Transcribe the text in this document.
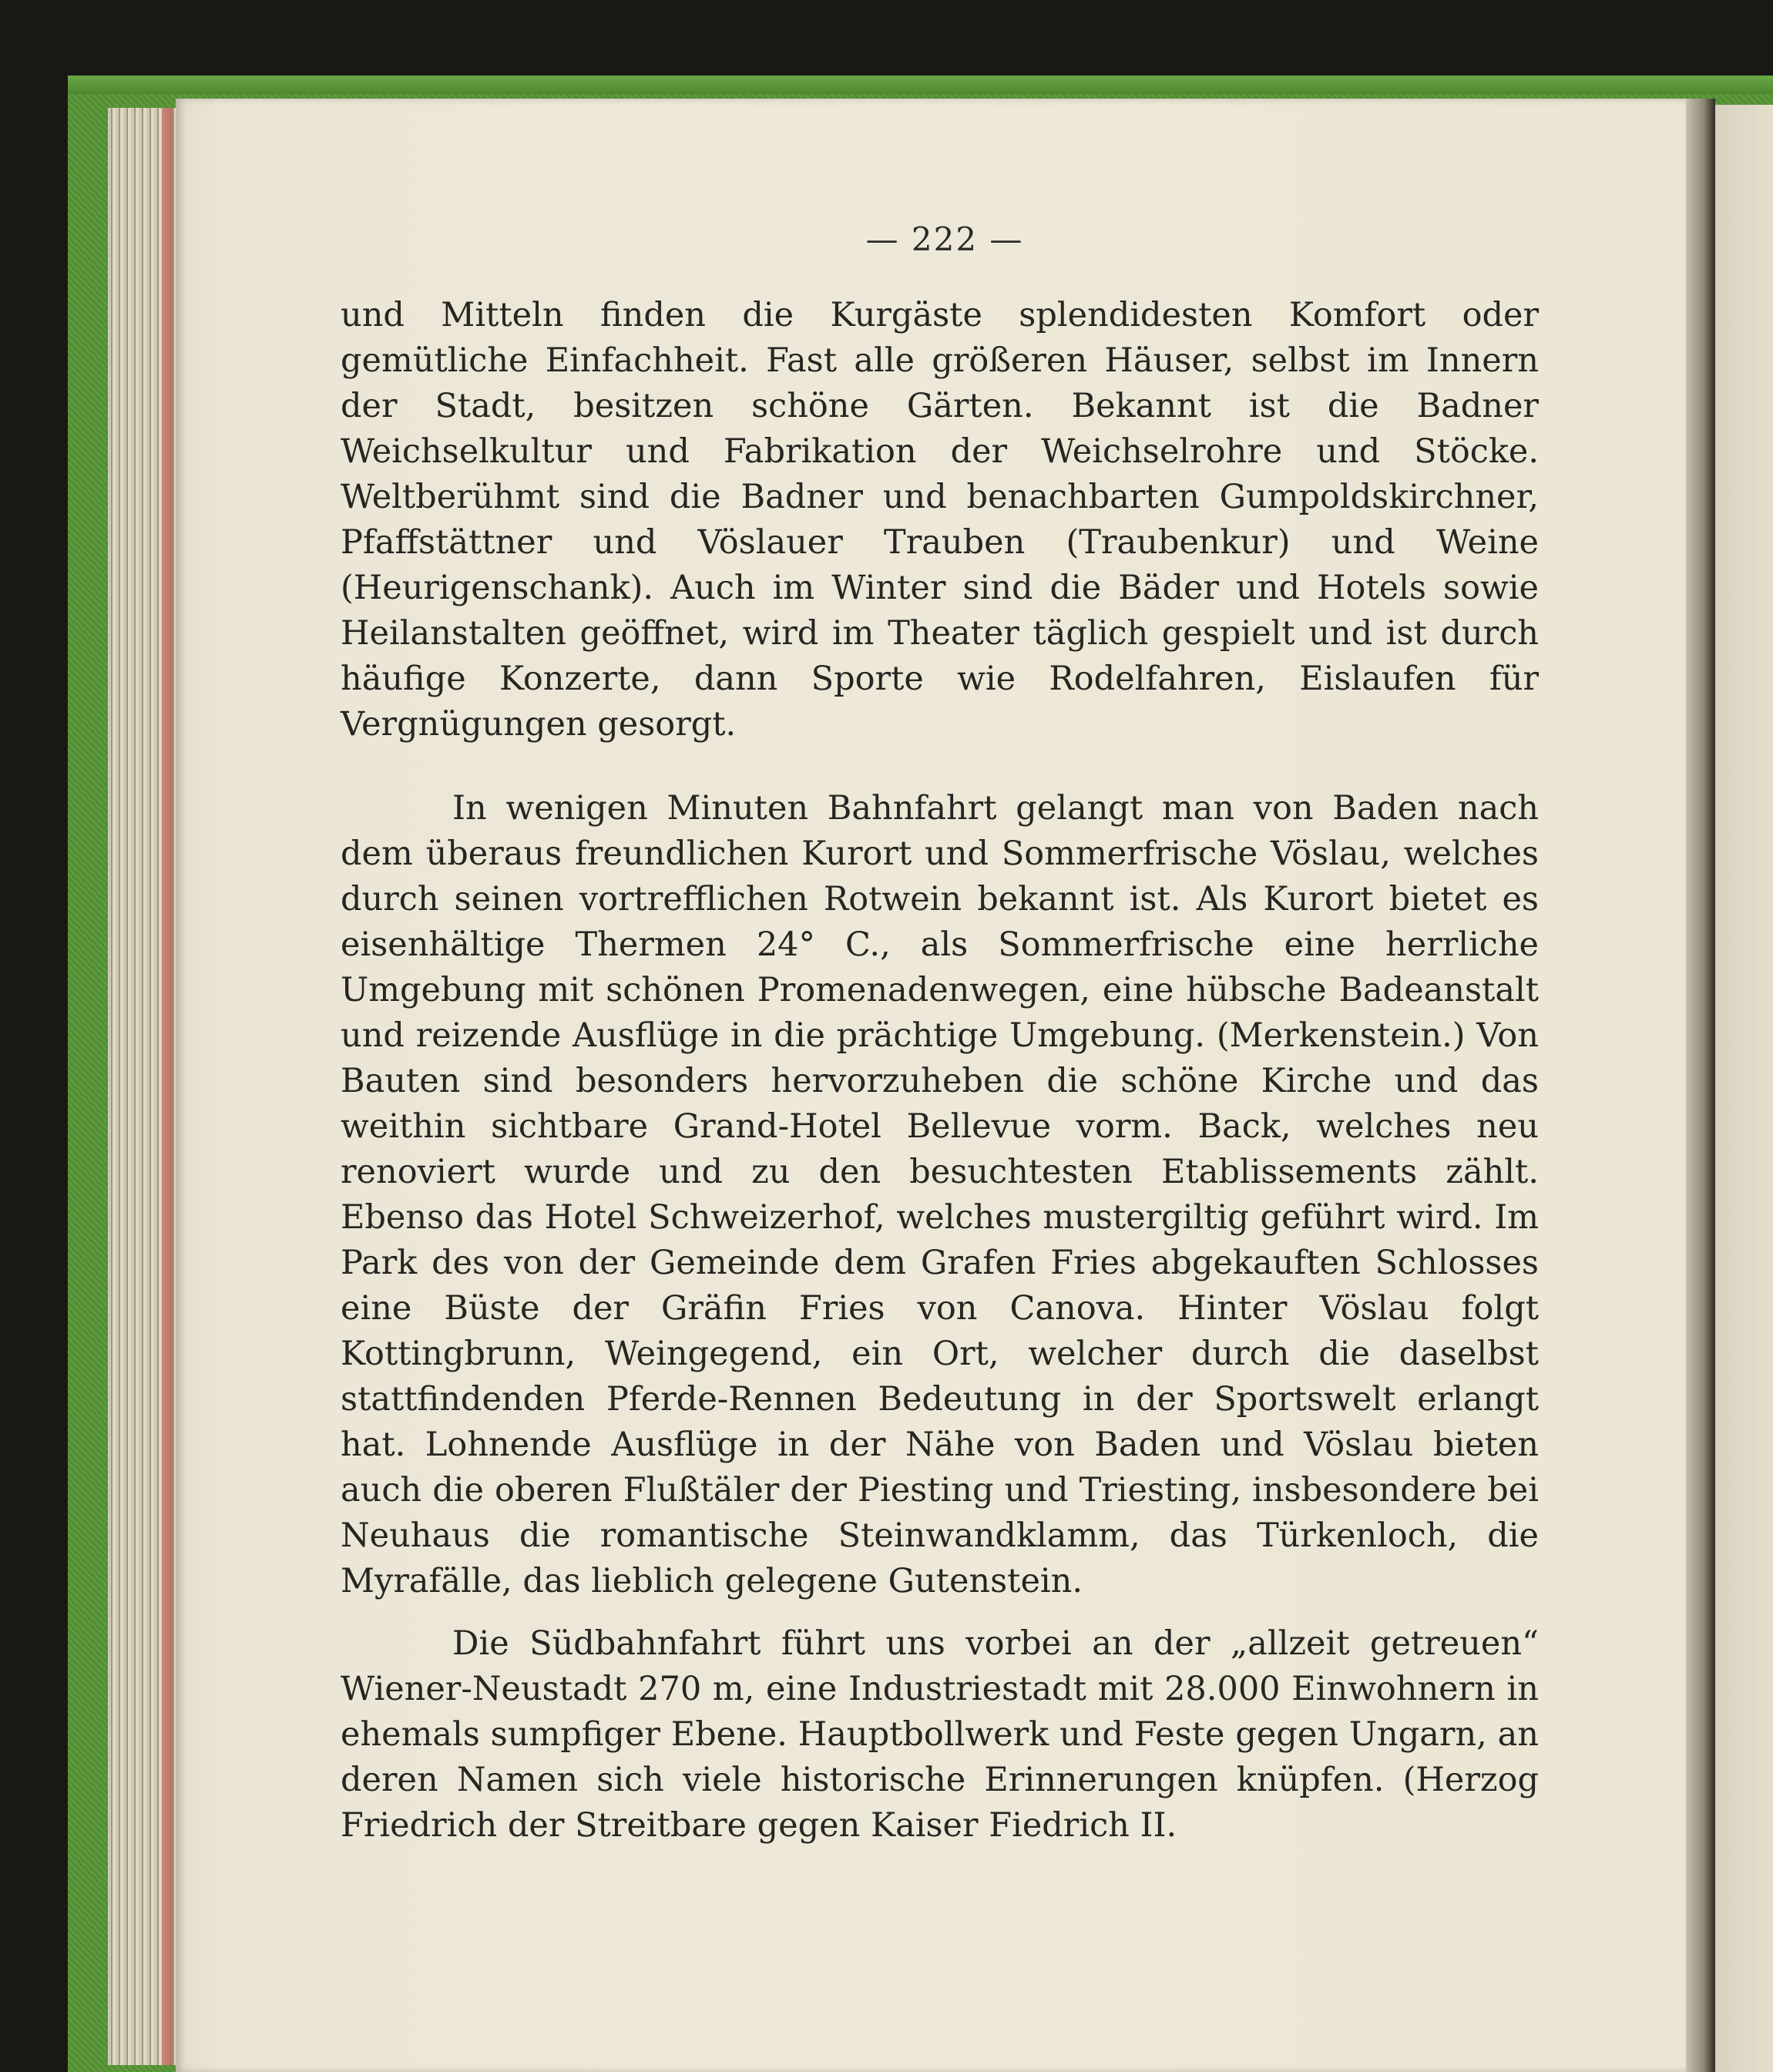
— 222 —

und Mitteln finden die Kurgäste splendidesten Komfort oder gemütliche Einfachheit. Fast alle größeren Häuser, selbst im Innern der Stadt, besitzen schöne Gärten. Bekannt ist die Badner Weichselkultur und Fabrikation der Weichselrohre und Stöcke. Weltberühmt sind die Badner und benachbarten Gumpoldskirchner, Pfaffstättner und Vöslauer Trauben (Traubenkur) und Weine (Heurigenschank). Auch im Winter sind die Bäder und Hotels sowie Heilanstalten geöffnet, wird im Theater täglich gespielt und ist durch häufige Konzerte, dann Sporte wie Rodelfahren, Eislaufen für Vergnügungen gesorgt.

In wenigen Minuten Bahnfahrt gelangt man von Baden nach dem überaus freundlichen Kurort und Sommerfrische Vöslau, welches durch seinen vortrefflichen Rotwein bekannt ist. Als Kurort bietet es eisenhältige Thermen 24° C., als Sommerfrische eine herrliche Umgebung mit schönen Promenadenwegen, eine hübsche Badeanstalt und reizende Ausflüge in die prächtige Umgebung. (Merkenstein.) Von Bauten sind besonders hervorzuheben die schöne Kirche und das weithin sichtbare Grand-Hotel Bellevue vorm. Back, welches neu renoviert wurde und zu den besuchtesten Etablissements zählt. Ebenso das Hotel Schweizerhof, welches mustergiltig geführt wird. Im Park des von der Gemeinde dem Grafen Fries abgekauften Schlosses eine Büste der Gräfin Fries von Canova. Hinter Vöslau folgt Kottingbrunn, Weingegend, ein Ort, welcher durch die daselbst stattfindenden Pferde-Rennen Bedeutung in der Sportswelt erlangt hat. Lohnende Ausflüge in der Nähe von Baden und Vöslau bieten auch die oberen Flußtäler der Piesting und Triesting, insbesondere bei Neuhaus die romantische Steinwandklamm, das Türkenloch, die Myrafälle, das lieblich gelegene Gutenstein.

Die Südbahnfahrt führt uns vorbei an der „allzeit getreuen“ Wiener-Neustadt 270 m, eine Industriestadt mit 28.000 Einwohnern in ehemals sumpfiger Ebene. Hauptbollwerk und Feste gegen Ungarn, an deren Namen sich viele historische Erinnerungen knüpfen. (Herzog Friedrich der Streitbare gegen Kaiser Fiedrich II.
